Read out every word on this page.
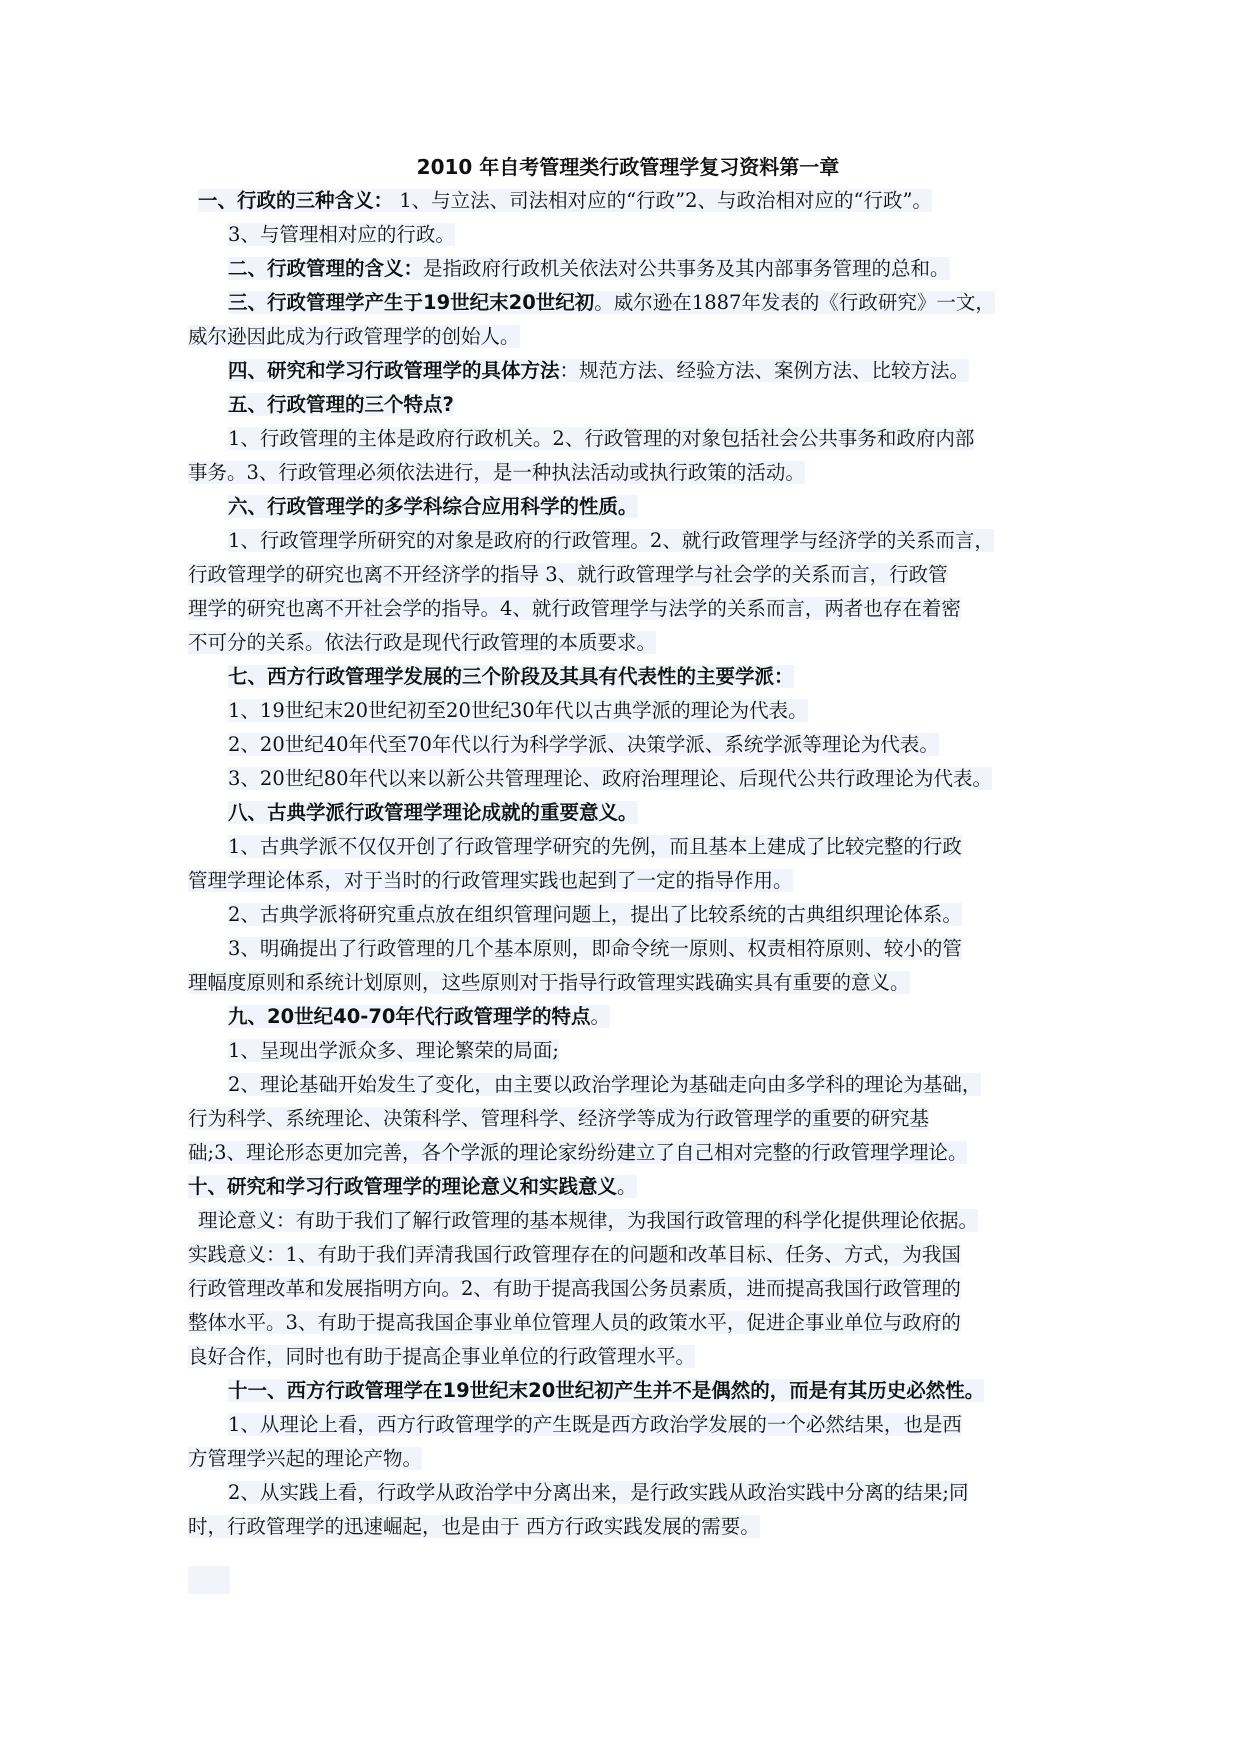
2010 年自考管理类行政管理学复习资料第一章

一、行政的三种含义： 1、与立法、司法相对应的“行政”2、与政治相对应的“行政”。

3、与管理相对应的行政。

二、行政管理的含义：是指政府行政机关依法对公共事务及其内部事务管理的总和。

三、行政管理学产生于19世纪末20世纪初。威尔逊在1887年发表的《行政研究》一文，

威尔逊因此成为行政管理学的创始人。

四、研究和学习行政管理学的具体方法：规范方法、经验方法、案例方法、比较方法。

五、行政管理的三个特点?

1、行政管理的主体是政府行政机关。2、行政管理的对象包括社会公共事务和政府内部

事务。3、行政管理必须依法进行，是一种执法活动或执行政策的活动。

六、行政管理学的多学科综合应用科学的性质。

1、行政管理学所研究的对象是政府的行政管理。2、就行政管理学与经济学的关系而言，

行政管理学的研究也离不开经济学的指导 3、就行政管理学与社会学的关系而言，行政管

理学的研究也离不开社会学的指导。4、就行政管理学与法学的关系而言，两者也存在着密

不可分的关系。依法行政是现代行政管理的本质要求。

七、西方行政管理学发展的三个阶段及其具有代表性的主要学派：

1、19世纪末20世纪初至20世纪30年代以古典学派的理论为代表。

2、20世纪40年代至70年代以行为科学学派、决策学派、系统学派等理论为代表。

3、20世纪80年代以来以新公共管理理论、政府治理理论、后现代公共行政理论为代表。

八、古典学派行政管理学理论成就的重要意义。

1、古典学派不仅仅开创了行政管理学研究的先例，而且基本上建成了比较完整的行政

管理学理论体系，对于当时的行政管理实践也起到了一定的指导作用。

2、古典学派将研究重点放在组织管理问题上，提出了比较系统的古典组织理论体系。

3、明确提出了行政管理的几个基本原则，即命令统一原则、权责相符原则、较小的管

理幅度原则和系统计划原则，这些原则对于指导行政管理实践确实具有重要的意义。

九、20世纪40-70年代行政管理学的特点。

1、呈现出学派众多、理论繁荣的局面;

2、理论基础开始发生了变化，由主要以政治学理论为基础走向由多学科的理论为基础，

行为科学、系统理论、决策科学、管理科学、经济学等成为行政管理学的重要的研究基

础;3、理论形态更加完善，各个学派的理论家纷纷建立了自己相对完整的行政管理学理论。

十、研究和学习行政管理学的理论意义和实践意义。

理论意义：有助于我们了解行政管理的基本规律，为我国行政管理的科学化提供理论依据。

实践意义：1、有助于我们弄清我国行政管理存在的问题和改革目标、任务、方式，为我国

行政管理改革和发展指明方向。2、有助于提高我国公务员素质，进而提高我国行政管理的

整体水平。3、有助于提高我国企事业单位管理人员的政策水平，促进企事业单位与政府的

良好合作，同时也有助于提高企事业单位的行政管理水平。

十一、西方行政管理学在19世纪末20世纪初产生并不是偶然的，而是有其历史必然性。

1、从理论上看，西方行政管理学的产生既是西方政治学发展的一个必然结果，也是西

方管理学兴起的理论产物。

2、从实践上看，行政学从政治学中分离出来，是行政实践从政治实践中分离的结果;同

时，行政管理学的迅速崛起，也是由于 西方行政实践发展的需要。
